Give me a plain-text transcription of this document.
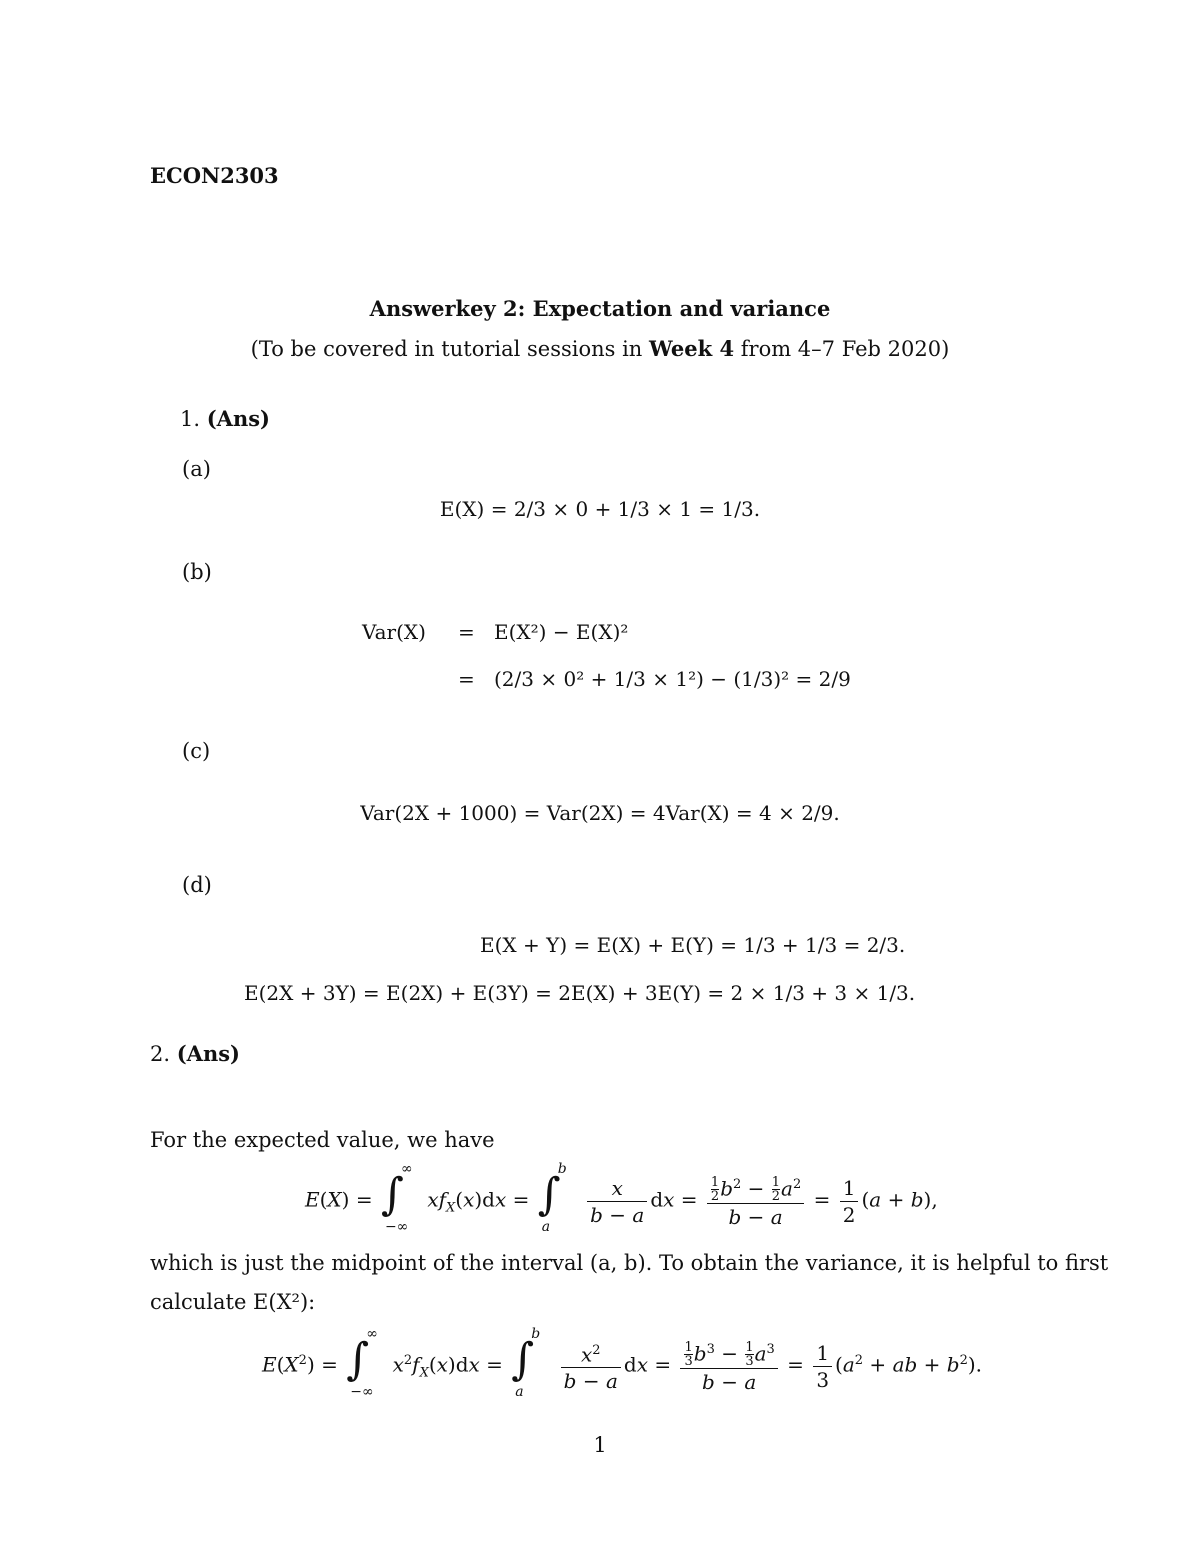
ECON2303
Answerkey 2: Expectation and variance
(To be covered in tutorial sessions in Week 4 from 4–7 Feb 2020)
1. (Ans)
(a)
E(X) = 2/3 × 0 + 1/3 × 1 = 1/3.
(b)
Var(X) = E(X²) − E(X)²
= (2/3 × 0² + 1/3 × 1²) − (1/3)² = 2/9
(c)
Var(2X + 1000) = Var(2X) = 4Var(X) = 4 × 2/9.
(d)
E(X + Y) = E(X) + E(Y) = 1/3 + 1/3 = 2/3.
E(2X + 3Y) = E(2X) + E(3Y) = 2E(X) + 3E(Y) = 2 × 1/3 + 3 × 1/3.
2. (Ans)
For the expected value, we have
E(X) = ∫
∞
−∞
$xf_X(x)dx$ = ∫
b
a
$\frac{x}{b - a}$ dx = $\frac{\frac{1}{2} b^2 - \frac{1}{2} a^2}{b - a} = \frac{1}{2} (a + b)$,
which is just the midpoint of the interval (a, b). To obtain the variance, it is helpful to first
calculate E(X²):
$E(X^2)$ = ∫
∞
−∞
$x^2f_X(x)dx$ = ∫
b
a
$\frac{x^2}{b - a}$ dx = $\frac{\frac{1}{3} b^3 - \frac{1}{3} a^3}{b - a} = \frac{1}{3} (a^2$ + ab + $b^2$).
1
